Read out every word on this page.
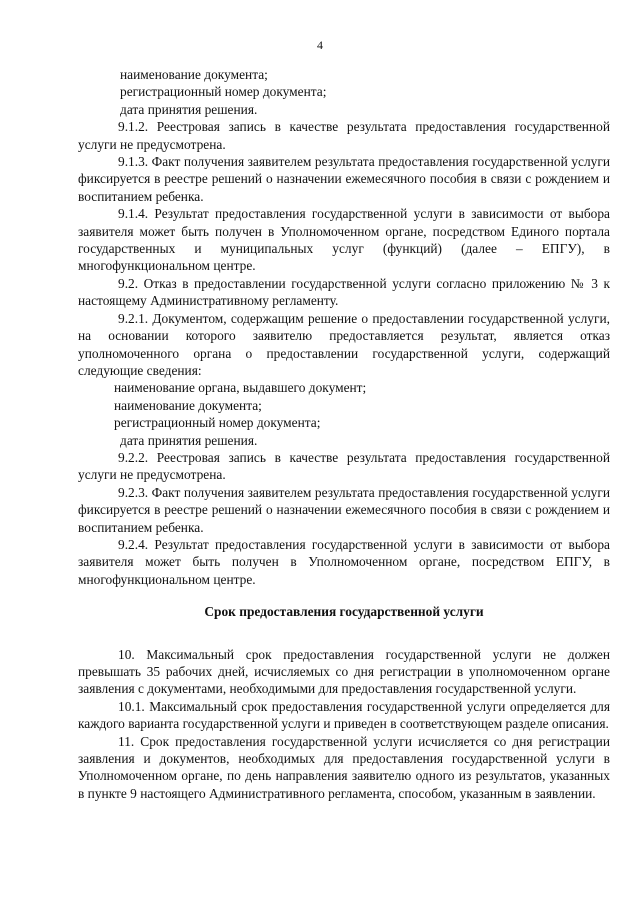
4

наименование документа;

регистрационный номер документа;

дата принятия решения.

9.1.2. Реестровая запись в качестве результата предоставления государственной услуги не предусмотрена.

9.1.3. Факт получения заявителем результата предоставления государственной услуги фиксируется в реестре решений о назначении ежемесячного пособия в связи с рождением и воспитанием ребенка.

9.1.4. Результат предоставления государственной услуги в зависимости от выбора заявителя может быть получен в Уполномоченном органе, посредством Единого портала государственных и муниципальных услуг (функций) (далее – ЕПГУ), в многофункциональном центре.

9.2. Отказ в предоставлении государственной услуги согласно приложению № 3 к настоящему Административному регламенту.

9.2.1. Документом, содержащим решение о предоставлении государственной услуги, на основании которого заявителю предоставляется результат, является отказ уполномоченного органа о предоставлении государственной услуги, содержащий следующие сведения:

наименование органа, выдавшего документ;

наименование документа;

регистрационный номер документа;

дата принятия решения.

9.2.2. Реестровая запись в качестве результата предоставления государственной услуги не предусмотрена.

9.2.3. Факт получения заявителем результата предоставления государственной услуги фиксируется в реестре решений о назначении ежемесячного пособия в связи с рождением и воспитанием ребенка.

9.2.4. Результат предоставления государственной услуги в зависимости от выбора заявителя может быть получен в Уполномоченном органе, посредством ЕПГУ, в многофункциональном центре.

Срок предоставления государственной услуги

10. Максимальный срок предоставления государственной услуги не должен превышать 35 рабочих дней, исчисляемых со дня регистрации в уполномоченном органе заявления с документами, необходимыми для предоставления государственной услуги.

10.1. Максимальный срок предоставления государственной услуги определяется для каждого варианта государственной услуги и приведен в соответствующем разделе описания.

11. Срок предоставления государственной услуги исчисляется со дня регистрации заявления и документов, необходимых для предоставления государственной услуги в Уполномоченном органе, по день направления заявителю одного из результатов, указанных в пункте 9 настоящего Административного регламента, способом, указанным в заявлении.
